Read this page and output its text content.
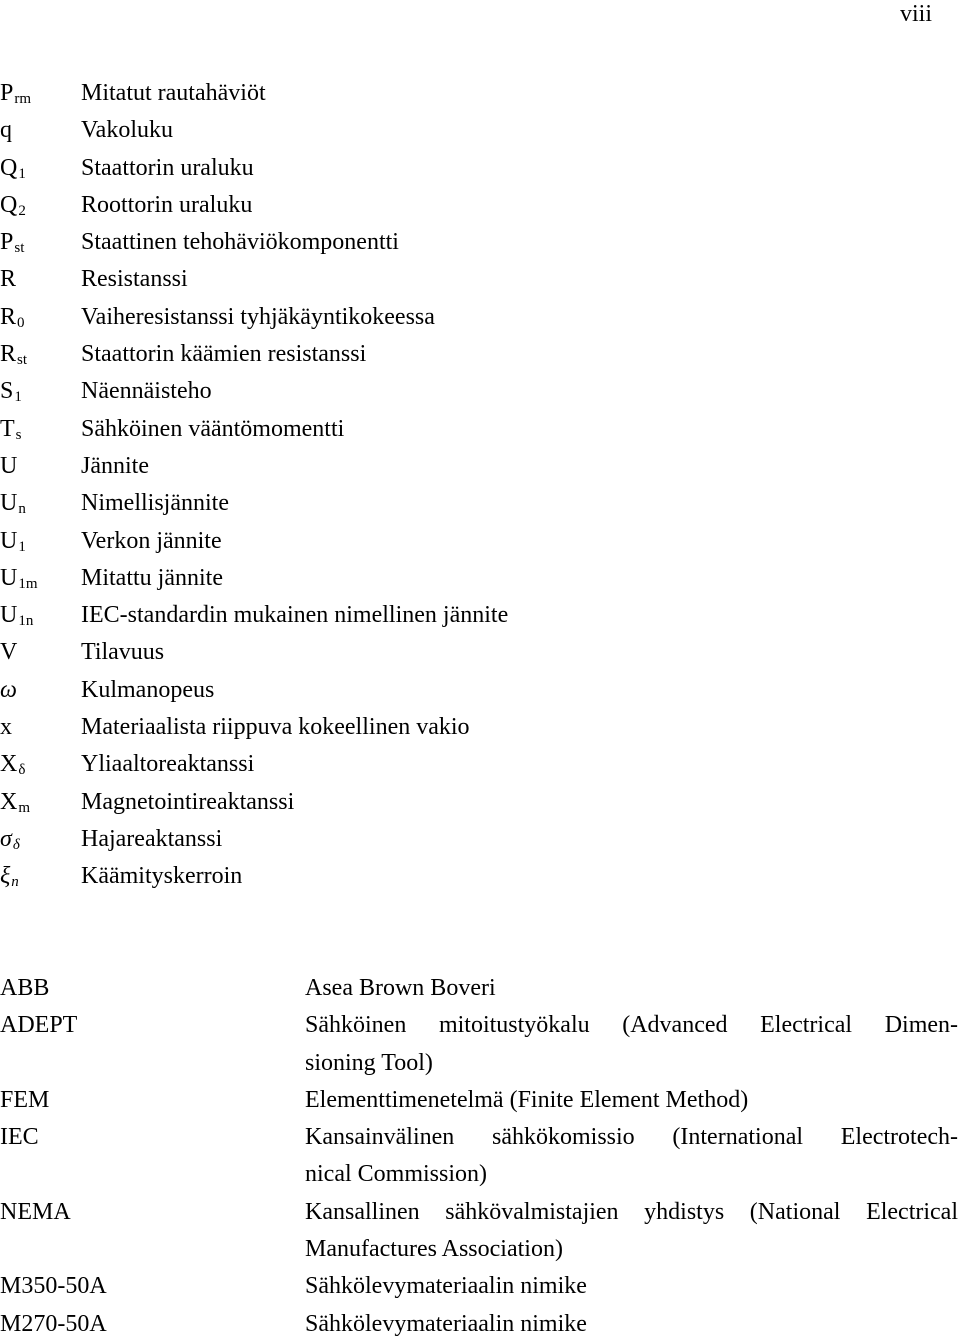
viii
$P_{rm}$	Mitatut rautahäviöt
q	Vakoluku
$Q_1$	Staattorin uraluku
$Q_2$	Roottorin uraluku
$P_{st}$	Staattinen tehohäviökomponentti
R	Resistanssi
$R_0$	Vaiheresistanssi tyhjäkäyntikokeessa
$R_{st}$	Staattorin käämien resistanssi
$S_1$	Näennäisteho
$T_s$	Sähköinen vääntömomentti
U	Jännite
$U_n$	Nimellisjännite
$U_1$	Verkon jännite
$U_{1m}$	Mitattu jännite
$U_{1n}$	IEC-standardin mukainen nimellinen jännite
V	Tilavuus
ω	Kulmanopeus
x	Materiaalista riippuva kokeellinen vakio
$X_\delta$	Yliaaltoreaktanssi
$X_m$	Magnetointireaktanssi
$\sigma_\delta$	Hajareaktanssi
$\xi_n$	Käämityskerroin
ABB	Asea Brown Boveri
ADEPT	Sähköinen mitoitustyökalu (Advanced Electrical Dimen-
sioning Tool)
FEM	Elementtimenetelmä (Finite Element Method)
IEC	Kansainvälinen sähkökomissio (International Electrotech-
nical Commission)
NEMA	Kansallinen sähkövalmistajien yhdistys (National Electrical
Manufactures Association)
M350-50A	Sähkölevymateriaalin nimike
M270-50A	Sähkölevymateriaalin nimike
